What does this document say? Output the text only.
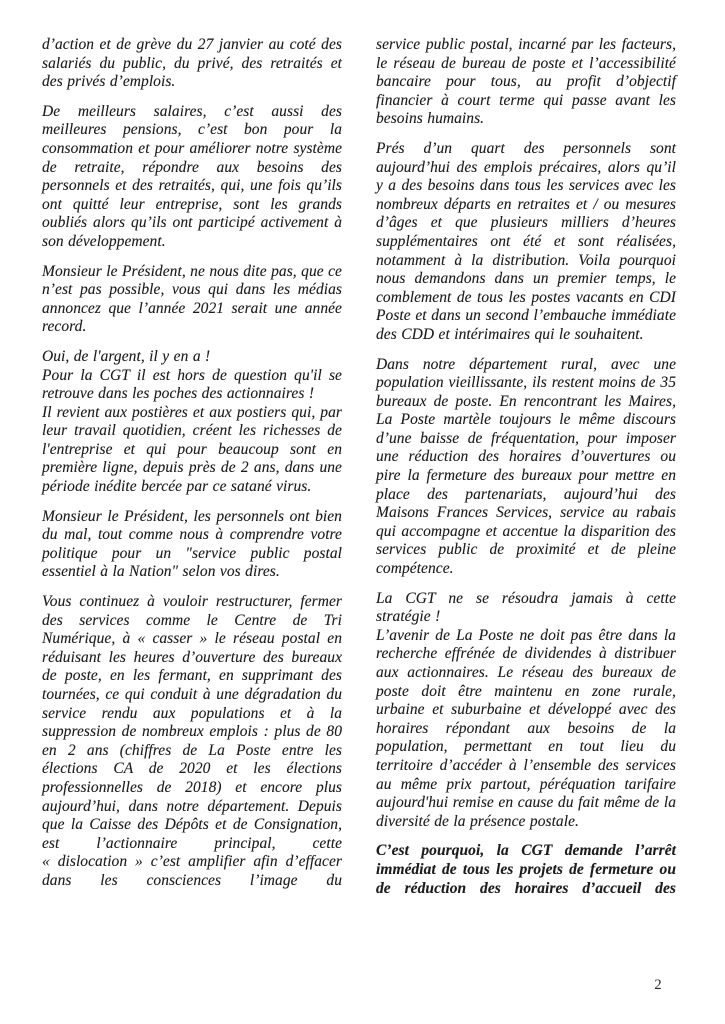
d’action et de grève du 27 janvier au coté des salariés du public, du privé, des retraités et des privés d’emplois.

De meilleurs salaires, c’est aussi des meilleures pensions, c’est bon pour la consommation et pour améliorer notre système de retraite, répondre aux besoins des personnels et des retraités, qui, une fois qu’ils ont quitté leur entreprise, sont les grands oubliés alors qu’ils ont participé activement à son développement.

Monsieur le Président, ne nous dite pas, que ce n’est pas possible, vous qui dans les médias annoncez que l’année 2021 serait une année record.

Oui, de l'argent, il y en a !

Pour la CGT il est hors de question qu'il se retrouve dans les poches des actionnaires !

Il revient aux postières et aux postiers qui, par leur travail quotidien, créent les richesses de l'entreprise et qui pour beaucoup sont en première ligne, depuis près de 2 ans, dans une période inédite bercée par ce satané virus.

Monsieur le Président, les personnels ont bien du mal, tout comme nous à comprendre votre politique pour un "service public postal essentiel à la Nation" selon vos dires.

Vous continuez à vouloir restructurer, fermer des services comme le Centre de Tri Numérique, à « casser » le réseau postal en réduisant les heures d’ouverture des bureaux de poste, en les fermant, en supprimant des tournées, ce qui conduit à une dégradation du service rendu aux populations et à la suppression de nombreux emplois : plus de 80 en 2 ans (chiffres de La Poste entre les élections CA de 2020 et les élections professionnelles de 2018) et encore plus aujourd’hui, dans notre département. Depuis que la Caisse des Dépôts et de Consignation, est l’actionnaire principal, cette « dislocation » c’est amplifier afin d’effacer dans les consciences l’image du

service public postal, incarné par les facteurs, le réseau de bureau de poste et l’accessibilité bancaire pour tous, au profit d’objectif financier à court terme qui passe avant les besoins humains.

Prés d’un quart des personnels sont aujourd’hui des emplois précaires, alors qu’il y a des besoins dans tous les services avec les nombreux départs en retraites et / ou mesures d’âges et que plusieurs milliers d’heures supplémentaires ont été et sont réalisées, notamment à la distribution. Voila pourquoi nous demandons dans un premier temps, le comblement de tous les postes vacants en CDI Poste et dans un second l’embauche immédiate des CDD et intérimaires qui le souhaitent.

Dans notre département rural, avec une population vieillissante, ils restent moins de 35 bureaux de poste. En rencontrant les Maires, La Poste martèle toujours le même discours d’une baisse de fréquentation, pour imposer une réduction des horaires d’ouvertures ou pire la fermeture des bureaux pour mettre en place des partenariats, aujourd’hui des Maisons Frances Services, service au rabais qui accompagne et accentue la disparition des services public de proximité et de pleine compétence.

La CGT ne se résoudra jamais à cette stratégie !

L’avenir de La Poste ne doit pas être dans la recherche effrénée de dividendes à distribuer aux actionnaires. Le réseau des bureaux de poste doit être maintenu en zone rurale, urbaine et suburbaine et développé avec des horaires répondant aux besoins de la population, permettant en tout lieu du territoire d’accéder à l’ensemble des services au même prix partout, péréquation tarifaire aujourd'hui remise en cause du fait même de la diversité de la présence postale.

C’est pourquoi, la CGT demande l’arrêt immédiat de tous les projets de fermeture ou de réduction des horaires d’accueil des

2
